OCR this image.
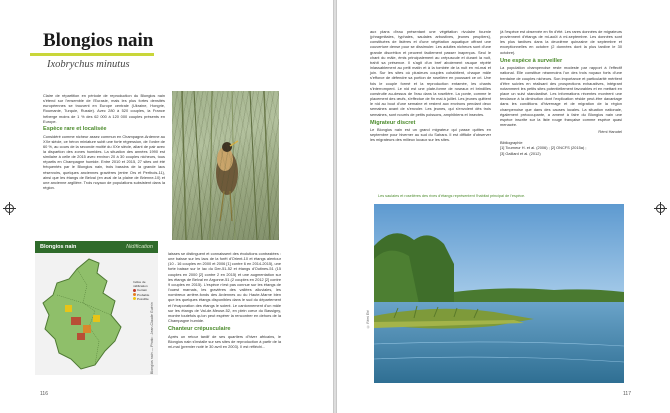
Blongios nain
Ixobrychus minutus

Claire de répartition en période de reproduction du Blongios nain s'étend sur l'ensemble de l'Eurasie, mais les plus fortes densités européennes se trouvent en Europe centrale (Ukraine, Hongrie, Roumanie, Turquie, Russie). Avec 280 à 520 couples, la France héberge moins de 1 % des 62 000 à 120 000 couples présents en Europe.

Espèce rare et localisée

Considéré comme nicheur assez commun en Champagne-Ardenne au XXe siècle, ce héron miniature subit une forte régression, de l'ordre de 60 %, au cours de la seconde moitié du XXe siècle, allant de pair avec la dispartion des zones humides. La situation des années 1990 est similaire à celle de 2015 avec environ 20 à 30 couples nicheurs, tous répartis en Champagne humide. Entre 2010 et 2015, 27 sites ont été fréquentés par le Blongios nain, trois bassins de la grande lacs réservoirs, quelques anciennes gravières (entre Ors et Perthois-11), ainsi que les étangs de Belval (en aval de la plaine de Brienne-10) et une ancienne argilière. Trois noyaux de populations subsistent dans la région.

Blongios nain	Nidification
Indice de nidification
Certain
Probable
Possible
Blongios nain — Photo : Jean-Claude Guérin

laisses se distinguent et connaissent des évolutions contrastées : une baisse sur les lacs de la forêt d'Orient-10 et étangs alentour (10 - 16 couples en 2000 et 2006 [1] contre 6 en 2014-2015), une forte baisse sur le lac du Der-51-52 et étangs d'Outines-51 (15 couples en 2000 [2] contre 2 en 2015) et une augmentation sur les étangs de Belval en Argonne-51 (2 couples en 2012 [2] contre 9 couples en 2015). L'espèce n'est pas connue sur les étangs de l'ouest marnais, les gravières des vallées alluviales, les nombreux arrière-fonds des Ardennes ou du Haute-Marne bien que les quelques étangs disponibles dans le sud du département et l'évaporation des étangs le soient. Le cantonnement d'un mâle sur les étangs de Val-de-Meuse-52, en plein cœur du Bassigny, montre toutefois qu'on peut espérer la rencontrer en dehors de la Champagne humide.

Chanteur crépusculaire

Après un retour tardif de ses quartiers d'hiver africains, le Blongios nain s'installe sur ses sites de reproduction à partir de la mi-mai (premier noté le 30 avril en 2003). Il est réfléchi...

116

aux plans d'eau présentant une végétation rivulaire fournie (phragmitaies, typhaies, saulaies arbustives, jeunes peupliers), constituées de lisières et d'une végétation aquatique offrant une couverture dense pour se dissimuler. Les adultes nicheurs sont d'une grande discrétion et peuvent facilement passer inaperçus. Seul le chant du mâle, émis principalement au crépuscule et durant la nuit, trahit sa présence. Il s'agit d'un bref aboiement rauque répété inlassablement au petit matin et à la tombée de la nuit en mi-mai et juin. Sur les sites où plusieurs couples cohabitent, chaque mâle s'efforce de défendre sa portion de roselière en poussant ce cri. Une fois le couple formé et la reproduction entamée, les chants s'interrompent. Le nid est une plate-forme de roseaux et brindilles construite au-dessus de l'eau dans la roselière. La ponte, comme le placement des œufs, s'effectue de fin mai à juillet. Les jeunes quittent le nid au bout d'une semaine et restent aux environs pendant deux semaines avant de s'envoler. Les jeunes, qui s'envolent dès trois semaines, sont nourris de petits poissons, amphibiens et insectes.

Migrateur discret

Le Blongios nain est un grand migrateur qui passe quittes en septembre pour hiverner au sud du Sahara. Il est difficile d'observer les migrateurs des milieux locaux sur les sites.

(à l'espèce est observée en fin d'été. Les rares données de migrateurs proviennent d'étangs de mi-août à mi-septembre. Les données sont les plus tardives dans la deuxième quinzaine de septembre et exceptionnelles en octobre (2 données dont la plus tardive le 30 octobre).

Une espèce à surveiller

La population champenoise reste modeste par rapport à l'effectif national. Elle constitue néanmoins l'un des trois noyaux forts d'une trentaine de couples nicheurs. Son importance et particularité méritent d'être suivies en réalisant des prospections exhaustives, intégrant notamment les petits sites potentiellement favorables et en mettant en place un suivi standardisé. Les informations récentes montrent une tendance à la diminution dont l'explication réside peut-être davantage dans les conditions d'hivernage et de migration de la région champenoise que dans des causes locales. La situation nationale, également préoccupante, a amené à faire du Blongios nain une espèce inscrite sur la liste rouge française comme espèce quasi menacée.

Rémi Hanotel

Bibliographie

[1] Tourneur H. et al. (2006) ; [2] ONCFS (2015a) ;

[3] Gaillard et al. (2012)

Les saulaies et roselières des rives d'étangs représentent l'habitat principal de l'espèce.
© Rémi Eté
117
